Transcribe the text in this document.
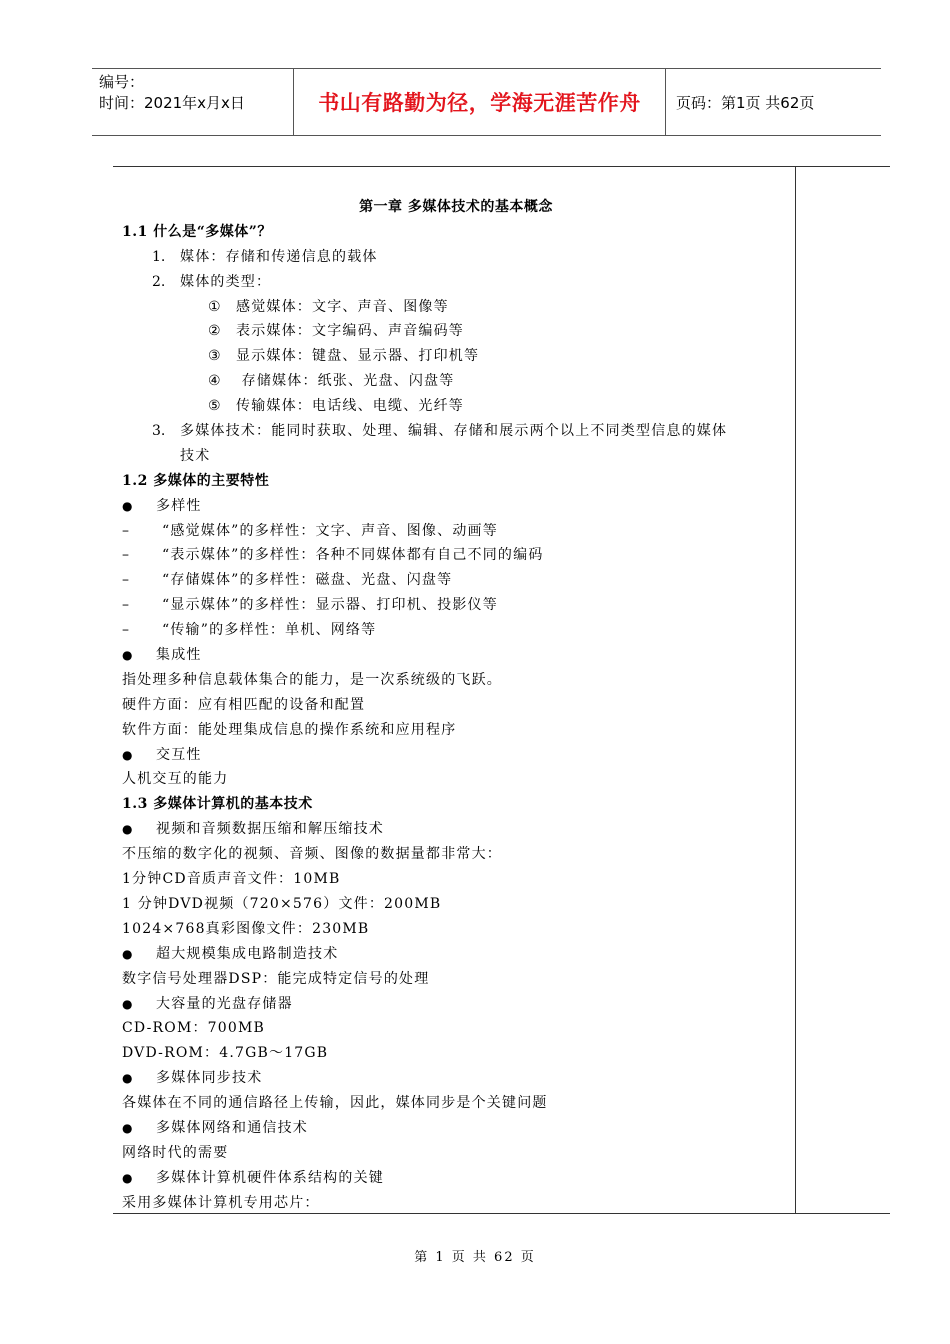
编号：
时间：2021年x月x日	书山有路勤为径，学海无涯苦作舟	页码：第1页 共62页
第一章 多媒体技术的基本概念
1.1 什么是“多媒体”？
1. 媒体：存储和传递信息的载体
2. 媒体的类型：
① 感觉媒体：文字、声音、图像等
② 表示媒体：文字编码、声音编码等
③ 显示媒体：键盘、显示器、打印机等
④ 存储媒体：纸张、光盘、闪盘等
⑤ 传输媒体：电话线、电缆、光纤等
3. 多媒体技术：能同时获取、处理、编辑、存储和展示两个以上不同类型信息的媒体
技术
1.2 多媒体的主要特性
● 多样性
– “感觉媒体”的多样性：文字、声音、图像、动画等
– “表示媒体”的多样性：各种不同媒体都有自己不同的编码
– “存储媒体”的多样性：磁盘、光盘、闪盘等
– “显示媒体”的多样性：显示器、打印机、投影仪等
– “传输”的多样性：单机、网络等
● 集成性
指处理多种信息载体集合的能力，是一次系统级的飞跃。
硬件方面：应有相匹配的设备和配置
软件方面：能处理集成信息的操作系统和应用程序
● 交互性
人机交互的能力
1.3 多媒体计算机的基本技术
● 视频和音频数据压缩和解压缩技术
不压缩的数字化的视频、音频、图像的数据量都非常大：
1分钟CD音质声音文件：10MB
1 分钟DVD视频（720×576）文件：200MB
1024×768真彩图像文件：230MB
● 超大规模集成电路制造技术
数字信号处理器DSP：能完成特定信号的处理
● 大容量的光盘存储器
CD-ROM：700MB
DVD-ROM：4.7GB～17GB
● 多媒体同步技术
各媒体在不同的通信路径上传输，因此，媒体同步是个关键问题
● 多媒体网络和通信技术
网络时代的需要
● 多媒体计算机硬件体系结构的关键
采用多媒体计算机专用芯片：
第 1 页 共 62 页
